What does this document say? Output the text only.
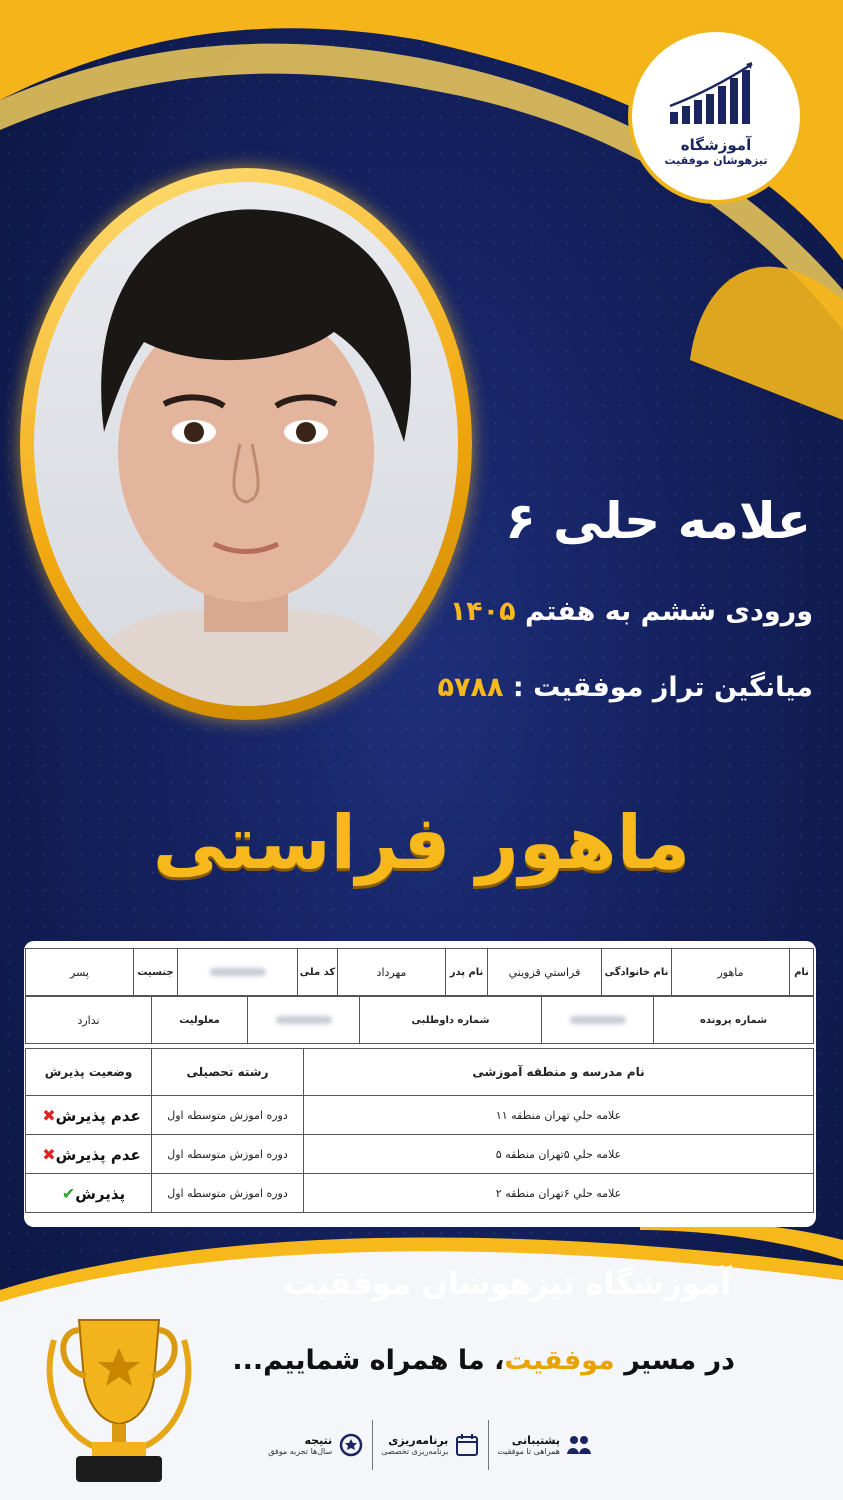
آموزشگاه
تیزهوشان موفقیت
علامه حلی ۶
ورودی ششم به هفتم ۱۴۰۵
میانگین تراز موفقیت : ۵۷۸۸
ماهور فراستی
نام	ماهور	نام خانوادگی	فراستي قزويني	نام پدر	مهرداد	کد ملی		جنسیت	پسر
شماره پرونده		شماره داوطلبی		معلولیت	ندارد
نام مدرسه و منطقه آموزشی	رشته تحصیلی	وضعیت پذیرش
علامه حلي تهران منطقه ۱۱	دوره اموزش متوسطه اول	عدم پذیرش✖
علامه حلي ۵تهران منطقه ۵	دوره اموزش متوسطه اول	عدم پذیرش✖
علامه حلي ۶تهران منطقه ۲	دوره اموزش متوسطه اول	پذیرش✔
آموزشگاه تیزهوشان موفقیت
در مسیر موفقیت، ما همراه شماییم...
پشتیبانی
همراهی تا موفقیت
برنامه‌ریزی
برنامه‌ریزی تخصصی
نتیجه
سال‌ها تجربه موفق
